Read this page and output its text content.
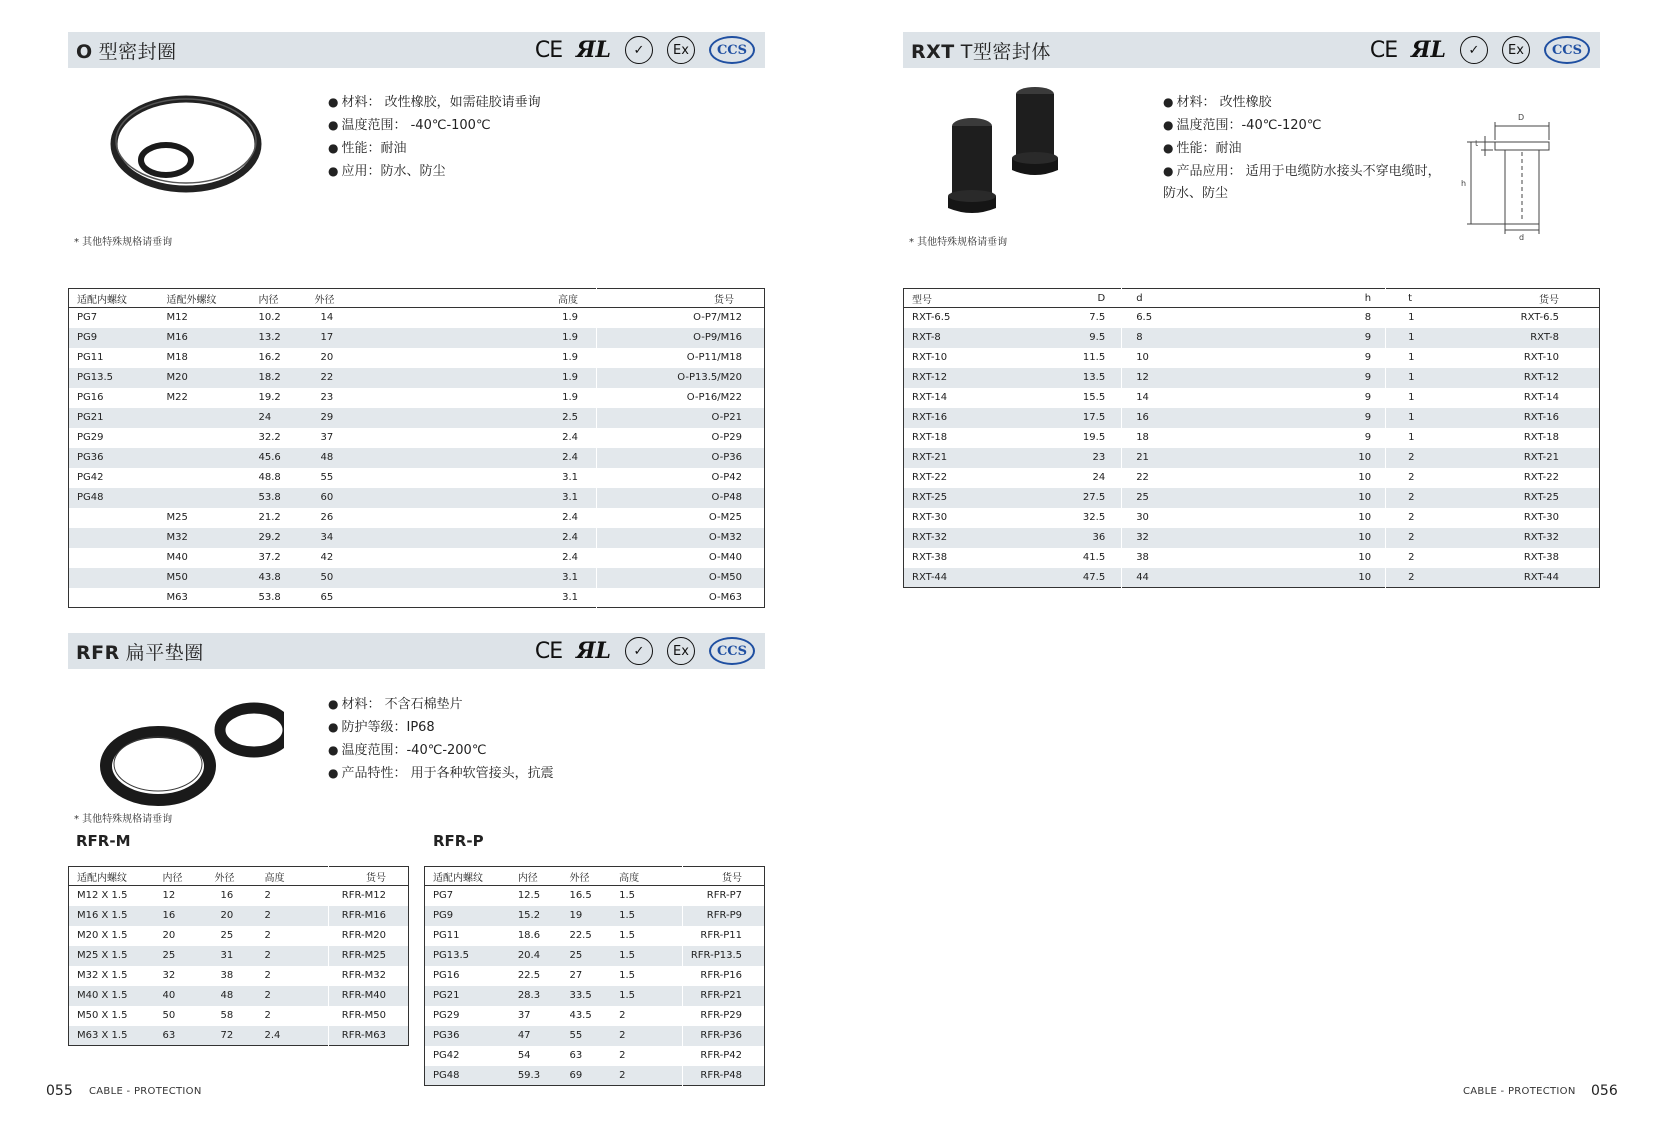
O 型密封圈	CE ЯL	✓	Ex	CCS
● 材料： 改性橡胶，如需硅胶请垂询
● 温度范围： -40℃-100℃
● 性能：耐油
● 应用：防水、防尘
* 其他特殊规格请垂询
适配内螺纹	适配外螺纹	内径	外径	高度	货号
PG7	M12	10.2	14	1.9	O-P7/M12
PG9	M16	13.2	17	1.9	O-P9/M16
PG11	M18	16.2	20	1.9	O-P11/M18
PG13.5	M20	18.2	22	1.9	O-P13.5/M20
PG16	M22	19.2	23	1.9	O-P16/M22
PG21		24	29	2.5	O-P21
PG29		32.2	37	2.4	O-P29
PG36		45.6	48	2.4	O-P36
PG42		48.8	55	3.1	O-P42
PG48		53.8	60	3.1	O-P48
	M25	21.2	26	2.4	O-M25
	M32	29.2	34	2.4	O-M32
	M40	37.2	42	2.4	O-M40
	M50	43.8	50	3.1	O-M50
	M63	53.8	65	3.1	O-M63
RXT T型密封体	CE ЯL	✓	Ex	CCS
● 材料： 改性橡胶
● 温度范围：-40℃-120℃
● 性能：耐油
● 产品应用： 适用于电缆防水接头不穿电缆时，
防水、防尘
D
t
h
d
* 其他特殊规格请垂询
型号	D	d	h	t	货号
RXT-6.5	7.5	6.5	8	1	RXT-6.5
RXT-8	9.5	8	9	1	RXT-8
RXT-10	11.5	10	9	1	RXT-10
RXT-12	13.5	12	9	1	RXT-12
RXT-14	15.5	14	9	1	RXT-14
RXT-16	17.5	16	9	1	RXT-16
RXT-18	19.5	18	9	1	RXT-18
RXT-21	23	21	10	2	RXT-21
RXT-22	24	22	10	2	RXT-22
RXT-25	27.5	25	10	2	RXT-25
RXT-30	32.5	30	10	2	RXT-30
RXT-32	36	32	10	2	RXT-32
RXT-38	41.5	38	10	2	RXT-38
RXT-44	47.5	44	10	2	RXT-44
RFR 扁平垫圈	CE ЯL	✓	Ex	CCS
● 材料： 不含石棉垫片
● 防护等级：IP68
● 温度范围：-40℃-200℃
● 产品特性： 用于各种软管接头，抗震
* 其他特殊规格请垂询
RFR-M	RFR-P
适配内螺纹	内径	外径	高度	货号
M12 X 1.5	12	16	2	RFR-M12
M16 X 1.5	16	20	2	RFR-M16
M20 X 1.5	20	25	2	RFR-M20
M25 X 1.5	25	31	2	RFR-M25
M32 X 1.5	32	38	2	RFR-M32
M40 X 1.5	40	48	2	RFR-M40
M50 X 1.5	50	58	2	RFR-M50
M63 X 1.5	63	72	2.4	RFR-M63
适配内螺纹	内径	外径	高度	货号
PG7	12.5	16.5	1.5	RFR-P7
PG9	15.2	19	1.5	RFR-P9
PG11	18.6	22.5	1.5	RFR-P11
PG13.5	20.4	25	1.5	RFR-P13.5
PG16	22.5	27	1.5	RFR-P16
PG21	28.3	33.5	1.5	RFR-P21
PG29	37	43.5	2	RFR-P29
PG36	47	55	2	RFR-P36
PG42	54	63	2	RFR-P42
PG48	59.3	69	2	RFR-P48
055 CABLE - PROTECTION	CABLE - PROTECTION 056
